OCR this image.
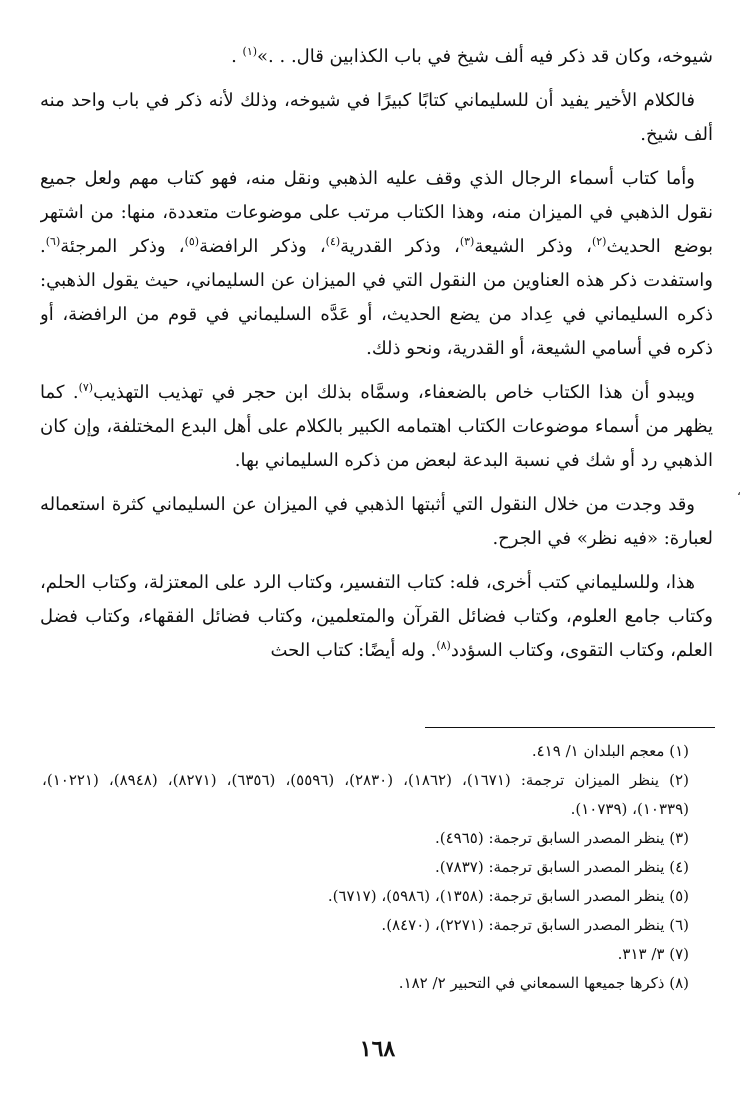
شيوخه، وكان قد ذكر فيه ألف شيخ في باب الكذابين قال. . .»$^{(١)}$ .

فالكلام الأخير يفيد أن للسليماني كتابًا كبيرًا في شيوخه، وذلك لأنه ذكر في باب واحد منه ألف شيخ.

وأما كتاب أسماء الرجال الذي وقف عليه الذهبي ونقل منه، فهو كتاب مهم ولعل جميع نقول الذهبي في الميزان منه، وهذا الكتاب مرتب على موضوعات متعددة، منها: من اشتهر بوضع الحديث$^{(٢)}$، وذكر الشيعة$^{(٣)}$، وذكر القدرية$^{(٤)}$، وذكر الرافضة$^{(٥)}$، وذكر المرجئة$^{(٦)}$. واستفدت ذكر هذه العناوين من النقول التي في الميزان عن السليماني، حيث يقول الذهبي: ذكره السليماني في عِداد من يضع الحديث، أو عَدَّه السليماني في قوم من الرافضة، أو ذكره في أسامي الشيعة، أو القدرية، ونحو ذلك.

ويبدو أن هذا الكتاب خاص بالضعفاء، وسمَّاه بذلك ابن حجر في تهذيب التهذيب$^{(٧)}$. كما يظهر من أسماء موضوعات الكتاب اهتمامه الكبير بالكلام على أهل البدع المختلفة، وإن كان الذهبي رد أو شك في نسبة البدعة لبعض من ذكره السليماني بها.

وقد وجدت من خلال النقول التي أثبتها الذهبي في الميزان عن السليماني كثرة استعماله لعبارة: «فيه نظر» في الجرح.

هذا، وللسليماني كتب أخرى، فله: كتاب التفسير، وكتاب الرد على المعتزلة، وكتاب الحلم، وكتاب جامع العلوم، وكتاب فضائل القرآن والمتعلمين، وكتاب فضائل الفقهاء، وكتاب فضل العلم، وكتاب التقوى، وكتاب السؤدد$^{(٨)}$. وله أيضًا: كتاب الحث

(١) معجم البلدان ١/ ٤١٩.
(٢) ينظر الميزان ترجمة: (١٦٧١)، (١٨٦٢)، (٢٨٣٠)، (٥٥٩٦)، (٦٣٥٦)، (٨٢٧١)، (٨٩٤٨)، (١٠٢٢١)، (١٠٣٣٩)، (١٠٧٣٩).
(٣) ينظر المصدر السابق ترجمة: (٤٩٦٥).
(٤) ينظر المصدر السابق ترجمة: (٧٨٣٧).
(٥) ينظر المصدر السابق ترجمة: (١٣٥٨)، (٥٩٨٦)، (٦٧١٧).
(٦) ينظر المصدر السابق ترجمة: (٢٢٧١)، (٨٤٧٠).
(٧) ٣/ ٣١٣.
(٨) ذكرها جميعها السمعاني في التحبير ٢/ ١٨٢.
١٦٨
،
